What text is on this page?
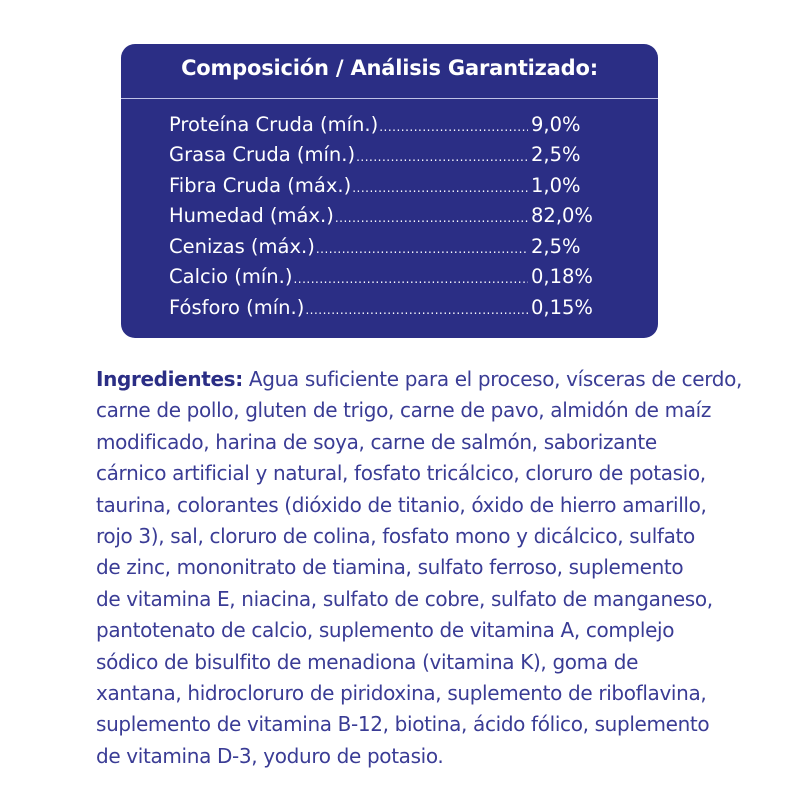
Composición / Análisis Garantizado:
Proteína Cruda (mín.) .....	9,0%
Grasa Cruda (mín.) .....	2,5%
Fibra Cruda (máx.) .....	1,0%
Humedad (máx.) .....	82,0%
Cenizas (máx.) .....	2,5%
Calcio (mín.) .....	0,18%
Fósforo (mín.) .....	0,15%

Ingredientes: Agua suficiente para el proceso, vísceras de cerdo,
carne de pollo, gluten de trigo, carne de pavo, almidón de maíz
modificado, harina de soya, carne de salmón, saborizante
cárnico artificial y natural, fosfato tricálcico, cloruro de potasio,
taurina, colorantes (dióxido de titanio, óxido de hierro amarillo,
rojo 3), sal, cloruro de colina, fosfato mono y dicálcico, sulfato
de zinc, mononitrato de tiamina, sulfato ferroso, suplemento
de vitamina E, niacina, sulfato de cobre, sulfato de manganeso,
pantotenato de calcio, suplemento de vitamina A, complejo
sódico de bisulfito de menadiona (vitamina K), goma de
xantana, hidrocloruro de piridoxina, suplemento de riboflavina,
suplemento de vitamina B-12, biotina, ácido fólico, suplemento
de vitamina D-3, yoduro de potasio.
